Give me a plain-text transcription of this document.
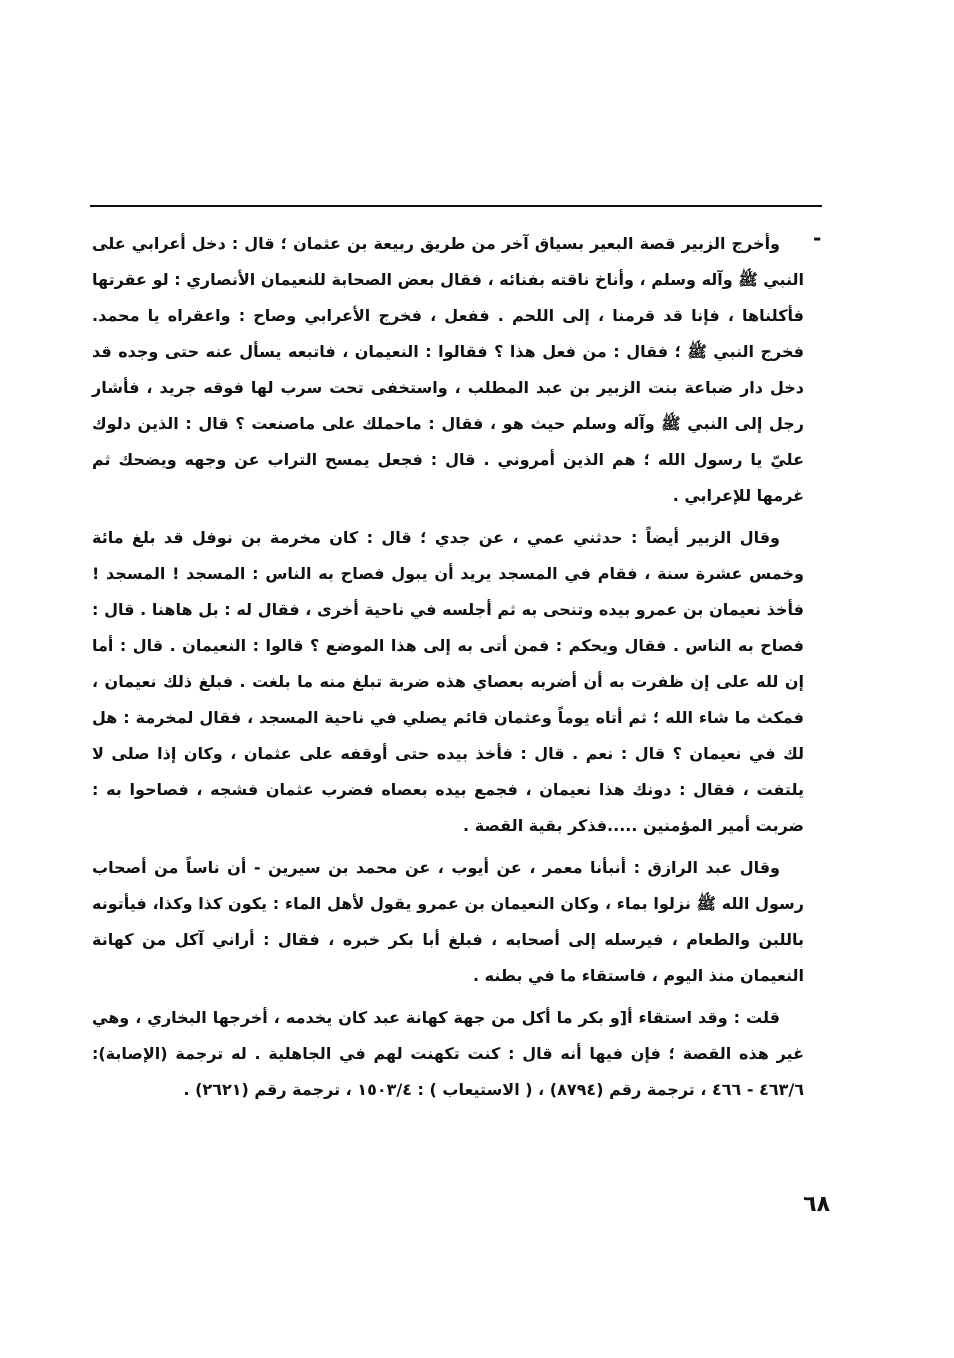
-

وأخرج الزبير قصة البعير بسياق آخر من طريق ربيعة بن عثمان ؛ قال : دخل أعرابي على النبي ﷺ وآله وسلم ، وأناخ ناقته بفنائه ، فقال بعض الصحابة للنعيمان الأنصاري : لو عقرتها فأكلناها ، فإنا قد قرمنا ، إلى اللحم . ففعل ، فخرج الأعرابي وصاح : واعقراه يا محمد. فخرج النبي ﷺ ؛ فقال : من فعل هذا ؟ فقالوا : النعيمان ، فاتبعه يسأل عنه حتى وجده قد دخل دار ضباعة بنت الزبير بن عبد المطلب ، واستخفى تحت سرب لها فوقه جريد ، فأشار رجل إلى النبي ﷺ وآله وسلم حيث هو ، فقال : ماحملك على ماصنعت ؟ قال : الذين دلوك عليّ يا رسول الله ؛ هم الذين أمروني . قال : فجعل يمسح التراب عن وجهه ويضحك ثم غرمها للإعرابي .

وقال الزبير أيضاً : حدثني عمي ، عن جدي ؛ قال : كان مخرمة بن نوفل قد بلغ مائة وخمس عشرة سنة ، فقام في المسجد يريد أن يبول فصاح به الناس : المسجد ! المسجد ! فأخذ نعيمان بن عمرو بيده وتنحى به ثم أجلسه في ناحية أخرى ، فقال له : بل هاهنا . قال : فصاح به الناس . فقال ويحكم : فمن أتى به إلى هذا الموضع ؟ قالوا : النعيمان . قال : أما إن لله على إن ظفرت به أن أضربه بعصاي هذه ضربة تبلغ منه ما بلغت . فبلغ ذلك نعيمان ، فمكث ما شاء الله ؛ ثم أتاه يوماً وعثمان قائم يصلي في ناحية المسجد ، فقال لمخرمة : هل لك في نعيمان ؟ قال : نعم . قال : فأخذ بيده حتى أوقفه على عثمان ، وكان إذا صلى لا يلتفت ، فقال : دونك هذا نعيمان ، فجمع بيده بعصاه فضرب عثمان فشجه ، فصاحوا به : ضربت أمير المؤمنين .....فذكر بقية القصة .

وقال عبد الرازق : أنبأنا معمر ، عن أيوب ، عن محمد بن سيرين - أن ناساً من أصحاب رسول الله ﷺ نزلوا بماء ، وكان النعيمان بن عمرو يقول لأهل الماء : يكون كذا وكذا، فيأتونه باللبن والطعام ، فيرسله إلى أصحابه ، فبلغ أبا بكر خبره ، فقال : أراني آكل من كهانة النعيمان منذ اليوم ، فاستقاء ما في بطنه .

قلت : وقد استقاء أ[و بكر ما أكل من جهة كهانة عبد كان يخدمه ، أخرجها البخاري ، وهي غير هذه القصة ؛ فإن فيها أنه قال : كنت تكهنت لهم في الجاهلية . له ترجمة (الإصابة): ٤٦٣/٦ - ٤٦٦ ، ترجمة رقم (٨٧٩٤) ، ( الاستيعاب ) : ١٥٠٣/٤ ، ترجمة رقم (٢٦٢١) .

٦٨
